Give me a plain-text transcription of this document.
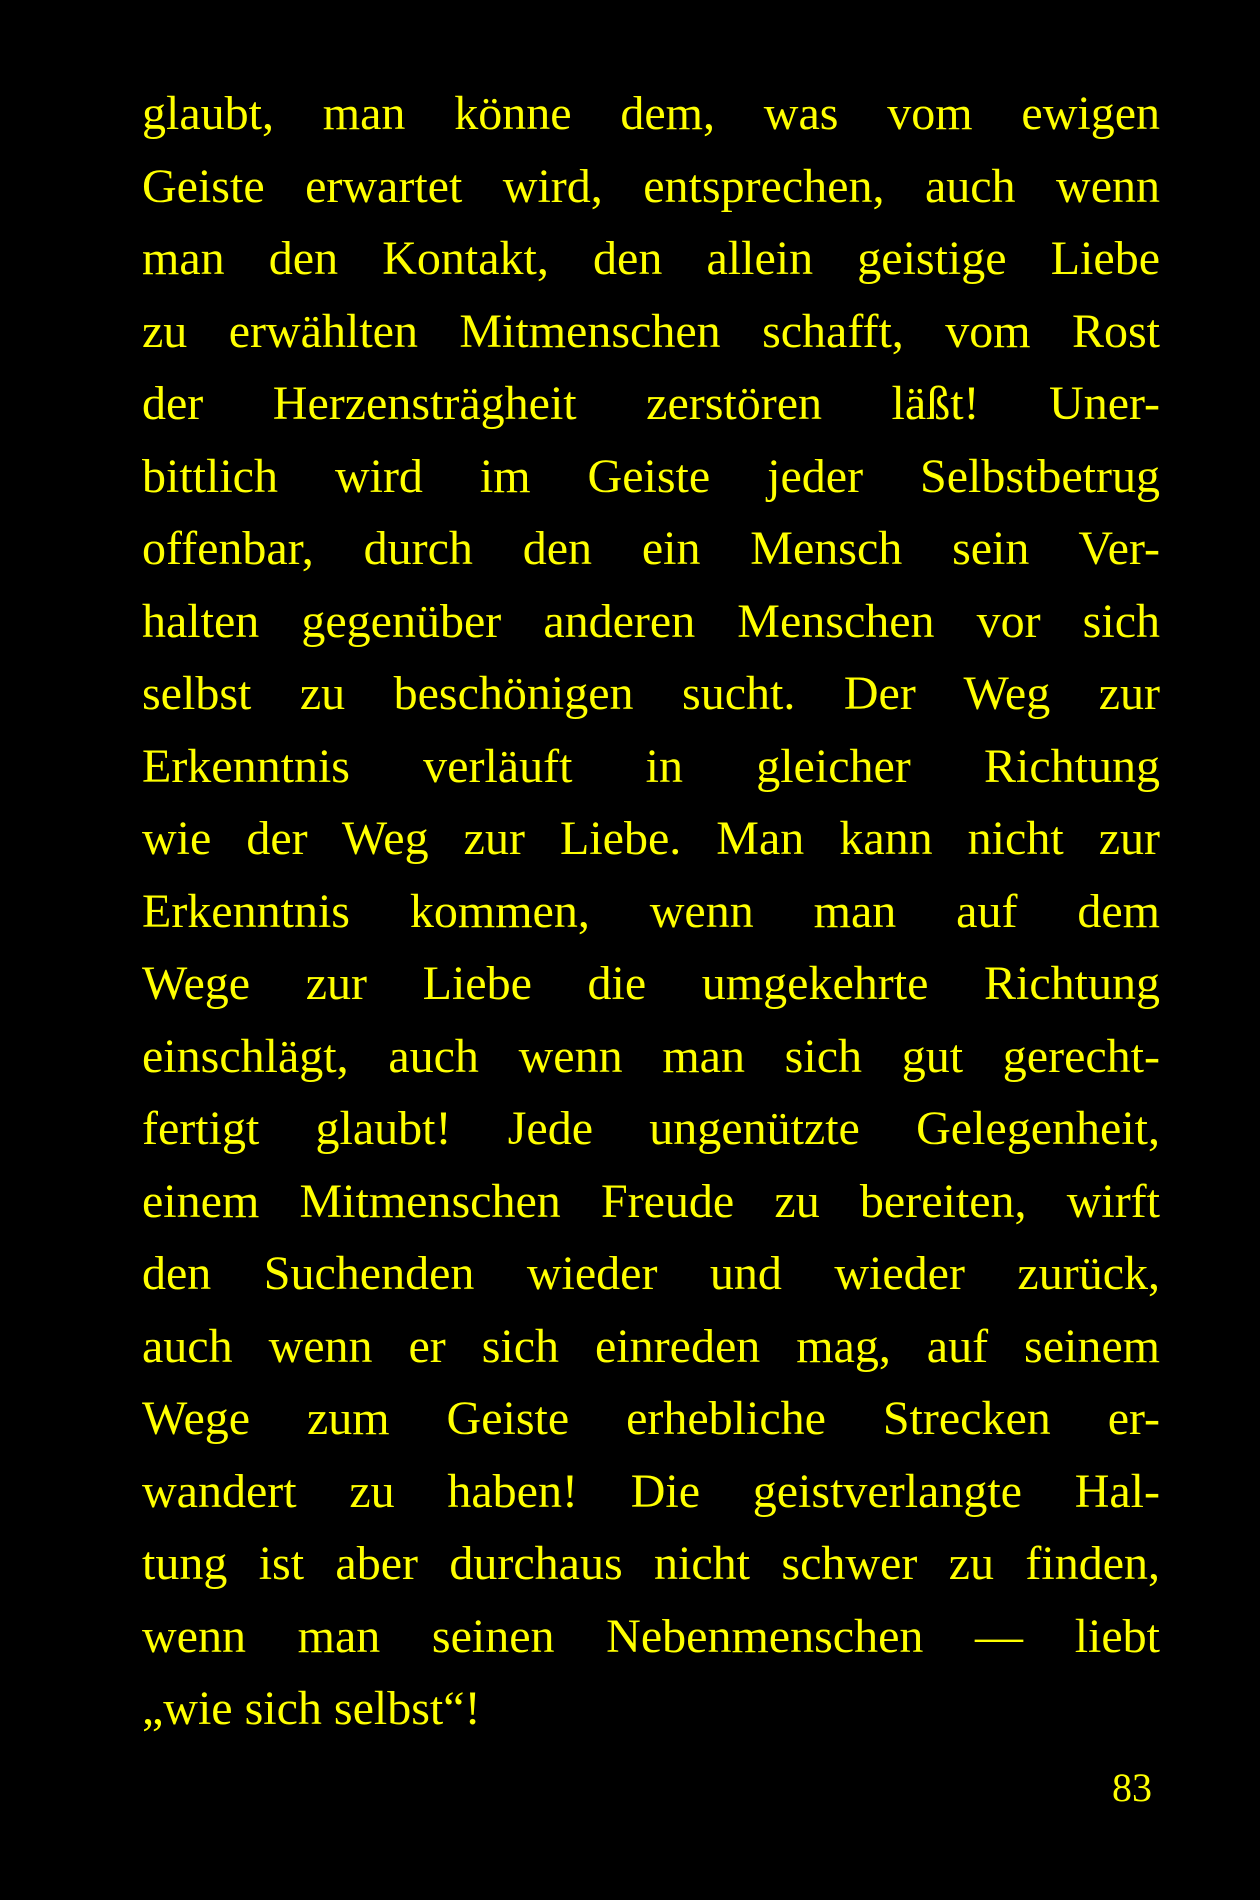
glaubt, man könne dem, was vom ewigen
Geiste erwartet wird, entsprechen, auch wenn
man den Kontakt, den allein geistige Liebe
zu erwählten Mitmenschen schafft, vom Rost
der Herzensträgheit zerstören läßt! Uner-
bittlich wird im Geiste jeder Selbstbetrug
offenbar, durch den ein Mensch sein Ver-
halten gegenüber anderen Menschen vor sich
selbst zu beschönigen sucht. Der Weg zur
Erkenntnis verläuft in gleicher Richtung
wie der Weg zur Liebe. Man kann nicht zur
Erkenntnis kommen, wenn man auf dem
Wege zur Liebe die umgekehrte Richtung
einschlägt, auch wenn man sich gut gerecht-
fertigt glaubt! Jede ungenützte Gelegenheit,
einem Mitmenschen Freude zu bereiten, wirft
den Suchenden wieder und wieder zurück,
auch wenn er sich einreden mag, auf seinem
Wege zum Geiste erhebliche Strecken er-
wandert zu haben! Die geistverlangte Hal-
tung ist aber durchaus nicht schwer zu finden,
wenn man seinen Nebenmenschen — liebt
„wie sich selbst“!
83
